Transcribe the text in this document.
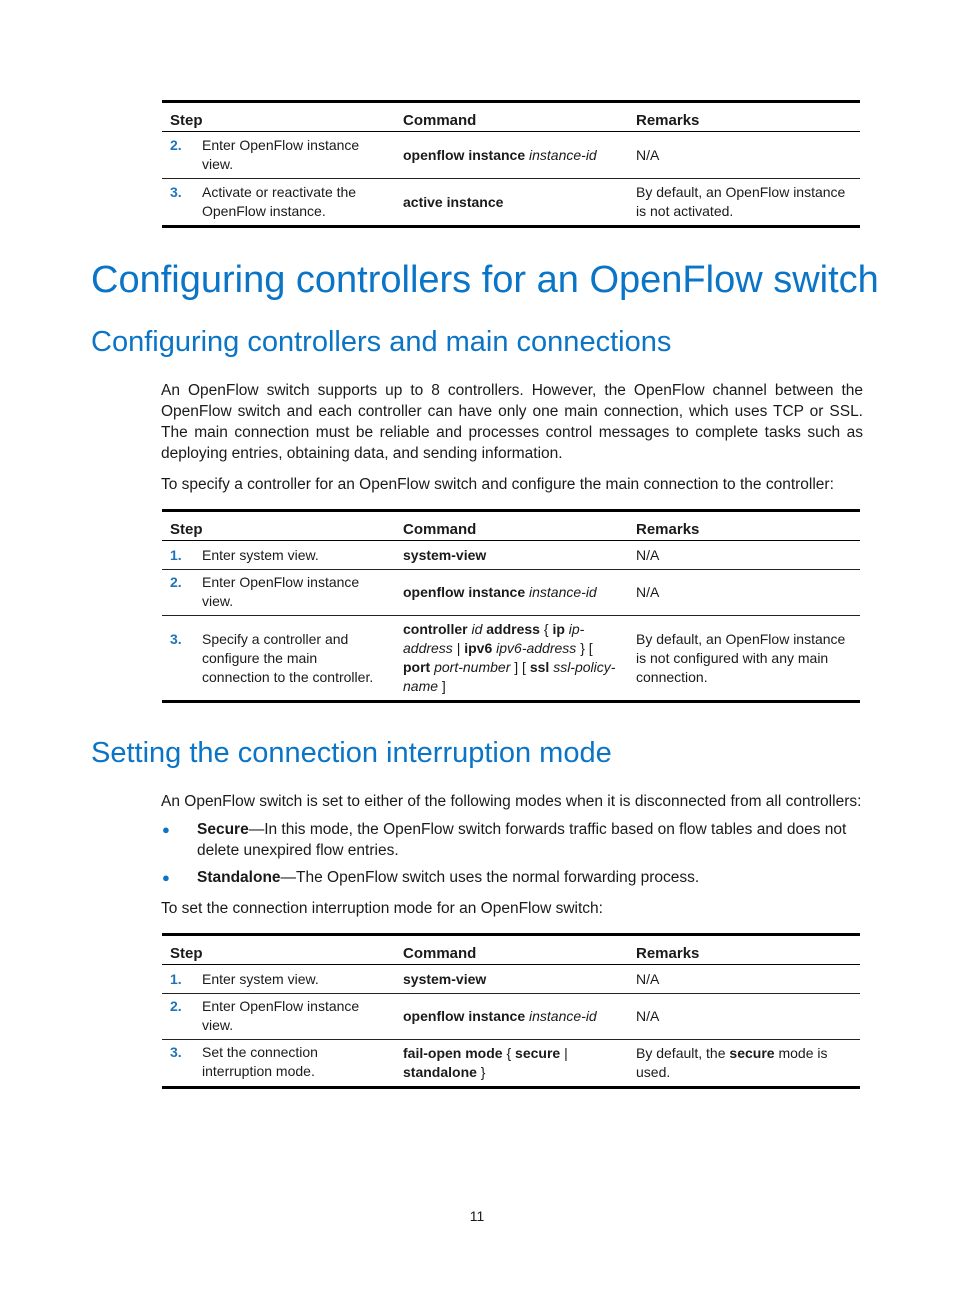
Step	Command	Remarks

2. Enter OpenFlow instance view.	openflow instance instance-id	N/A

3. Activate or reactivate the OpenFlow instance.	active instance	By default, an OpenFlow instance is not activated.
Configuring controllers for an OpenFlow switch
Configuring controllers and main connections

An OpenFlow switch supports up to 8 controllers. However, the OpenFlow channel between the OpenFlow switch and each controller can have only one main connection, which uses TCP or SSL. The main connection must be reliable and processes control messages to complete tasks such as deploying entries, obtaining data, and sending information.

To specify a controller for an OpenFlow switch and configure the main connection to the controller:

Step	Command	Remarks

1. Enter system view.	system-view	N/A

2. Enter OpenFlow instance view.	openflow instance instance-id	N/A

3. Specify a controller and configure the main connection to the controller.	controller id address { ip ip-address | ipv6 ipv6-address } [ port port-number ] [ ssl ssl-policy-name ]	By default, an OpenFlow instance is not configured with any main connection.
Setting the connection interruption mode

An OpenFlow switch is set to either of the following modes when it is disconnected from all controllers:

● Secure—In this mode, the OpenFlow switch forwards traffic based on flow tables and does not delete unexpired flow entries.
● Standalone—The OpenFlow switch uses the normal forwarding process.

To set the connection interruption mode for an OpenFlow switch:

Step	Command	Remarks

1. Enter system view.	system-view	N/A

2. Enter OpenFlow instance view.	openflow instance instance-id	N/A

3. Set the connection interruption mode.	fail-open mode { secure | standalone }	By default, the secure mode is used.
11
